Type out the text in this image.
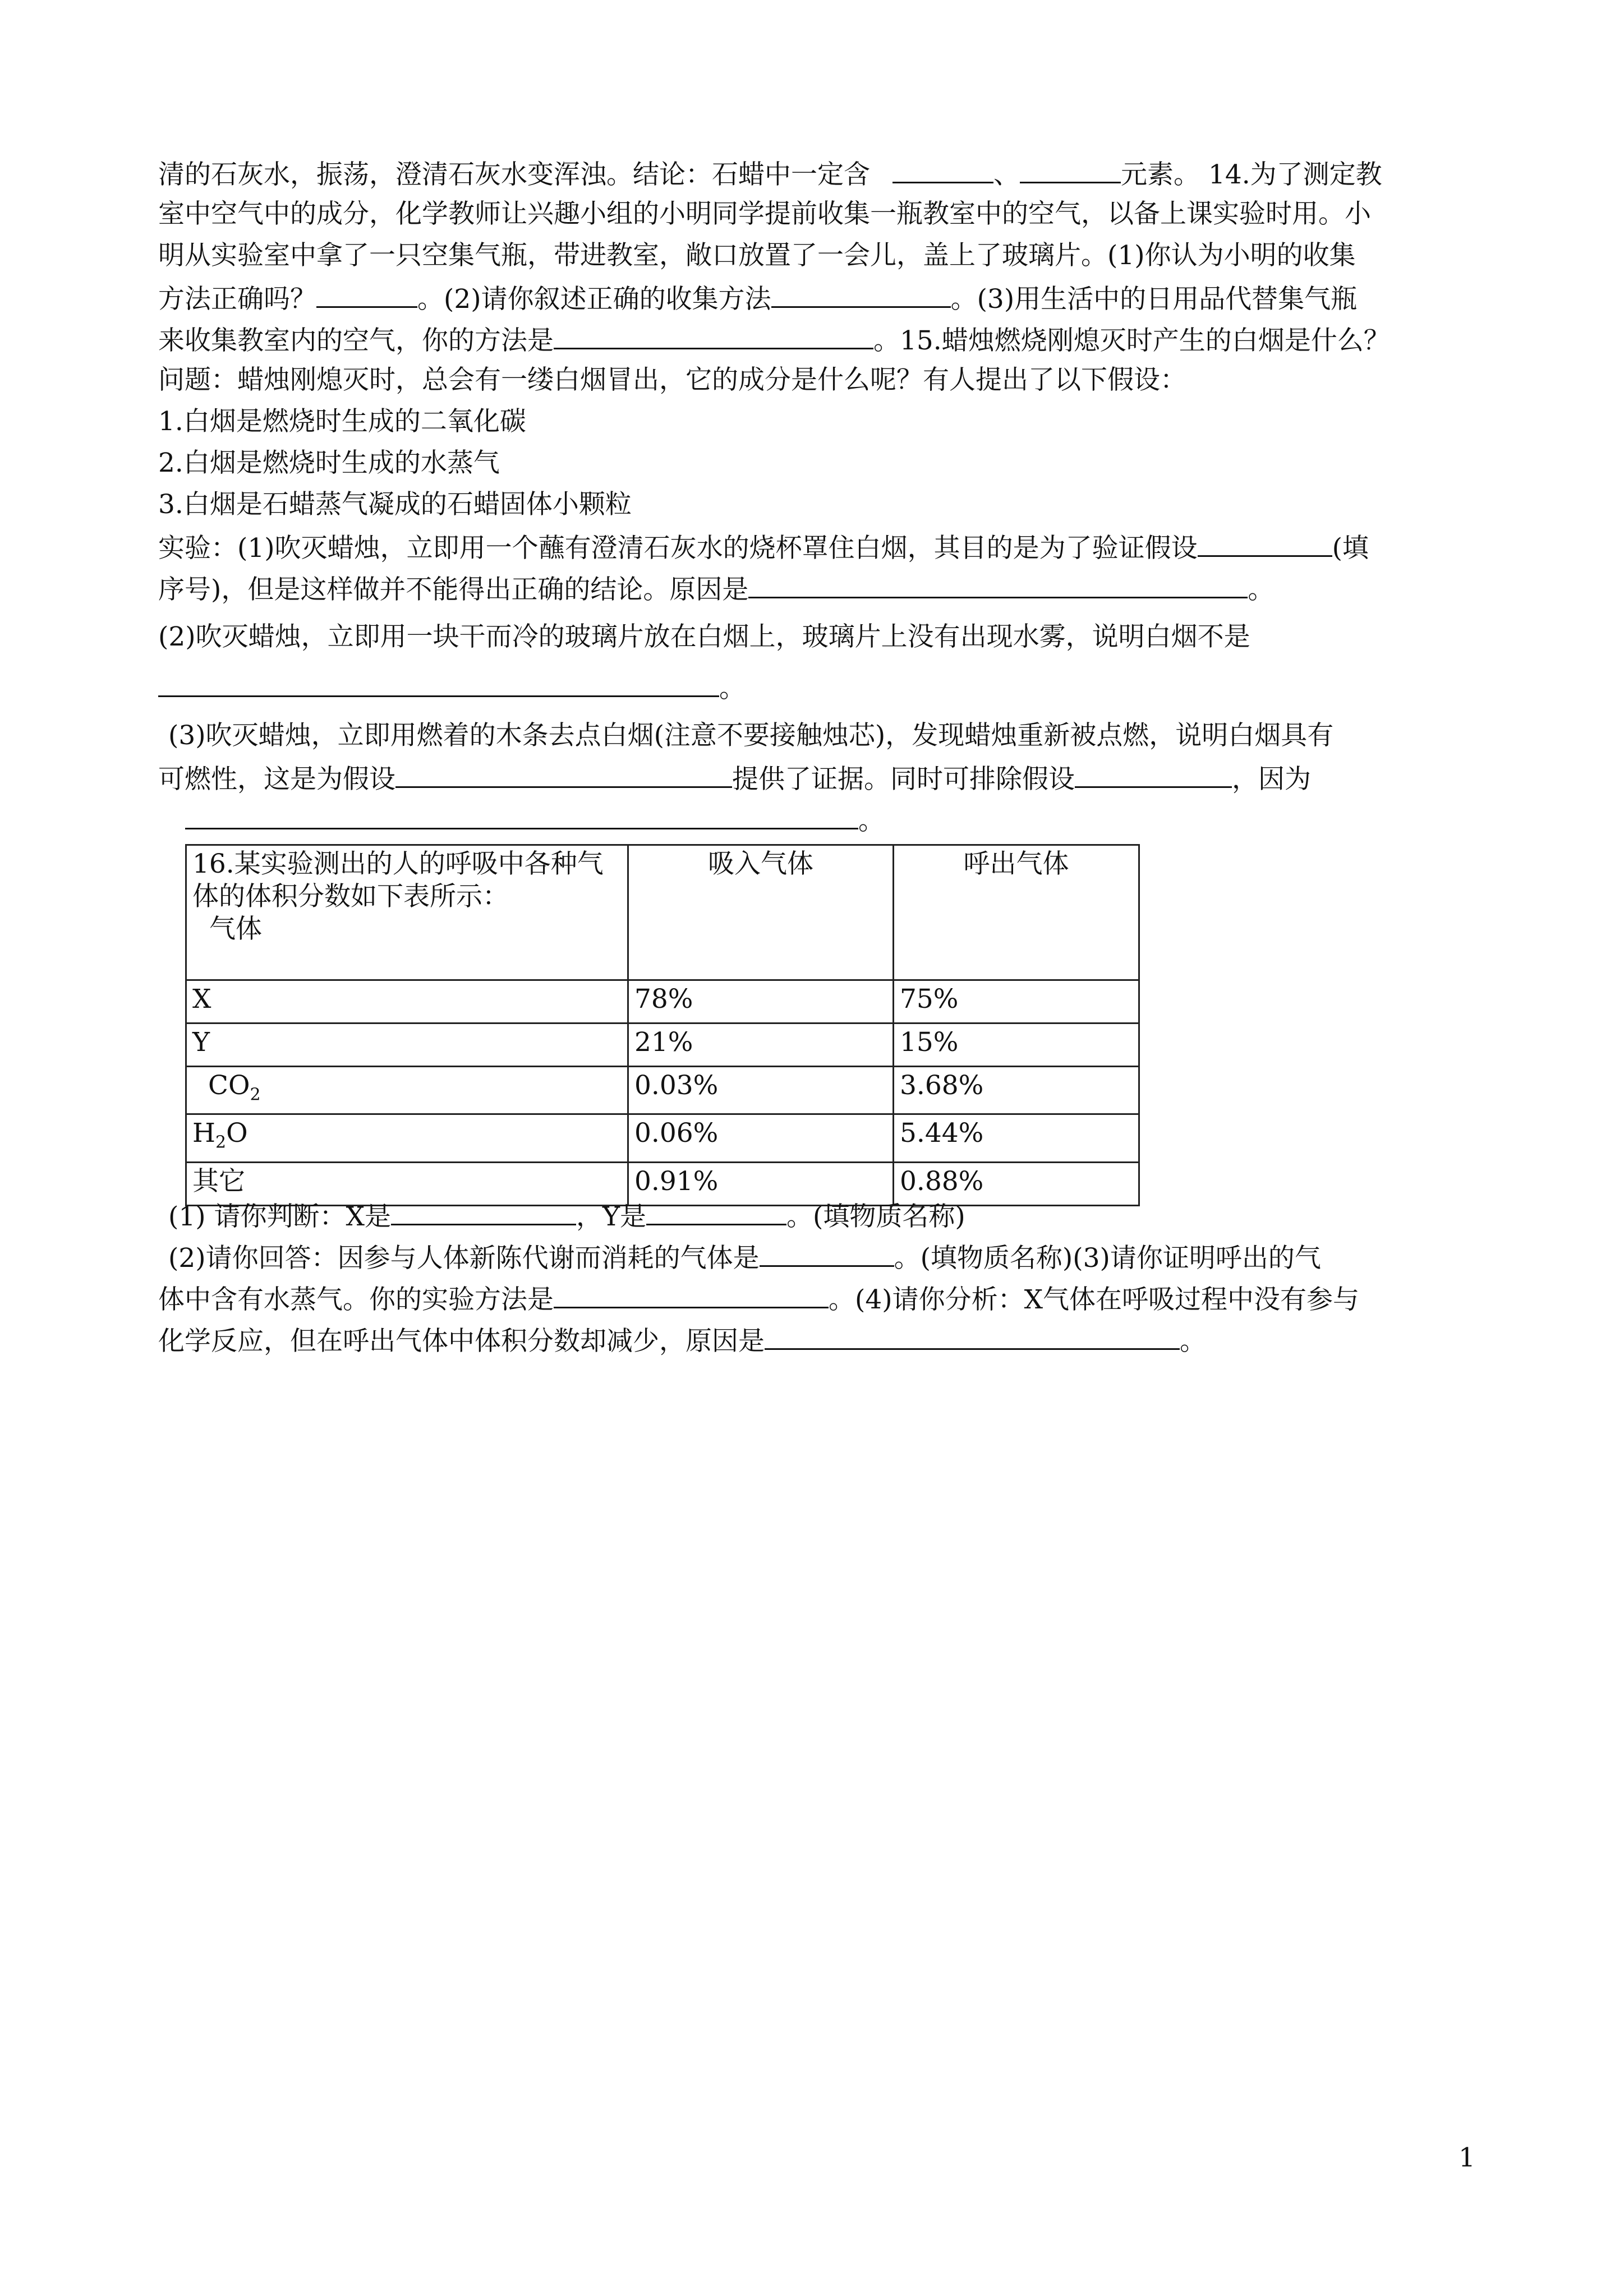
清的石灰水，振荡，澄清石灰水变浑浊。结论：石蜡中一定含	、	元素。 14.为了测定教
室中空气中的成分，化学教师让兴趣小组的小明同学提前收集一瓶教室中的空气，以备上课实验时用。小
明从实验室中拿了一只空集气瓶，带进教室，敞口放置了一会儿，盖上了玻璃片。(1)你认为小明的收集
方法正确吗？	。(2)请你叙述正确的收集方法	。(3)用生活中的日用品代替集气瓶
来收集教室内的空气，你的方法是	。15.蜡烛燃烧刚熄灭时产生的白烟是什么？
问题：蜡烛刚熄灭时，总会有一缕白烟冒出，它的成分是什么呢？有人提出了以下假设：
1.白烟是燃烧时生成的二氧化碳
2.白烟是燃烧时生成的水蒸气
3.白烟是石蜡蒸气凝成的石蜡固体小颗粒
实验：(1)吹灭蜡烛，立即用一个蘸有澄清石灰水的烧杯罩住白烟，其目的是为了验证假设	(填
序号)，但是这样做并不能得出正确的结论。原因是	。
(2)吹灭蜡烛，立即用一块干而冷的玻璃片放在白烟上，玻璃片上没有出现水雾，说明白烟不是
。
(3)吹灭蜡烛，立即用燃着的木条去点白烟(注意不要接触烛芯)，发现蜡烛重新被点燃，说明白烟具有
可燃性，这是为假设	提供了证据。同时可排除假设	，因为
。
16.某实验测出的人的呼吸中各种气体的体积分数如下表所示：
气体	吸入气体	呼出气体
X	78%	75%
Y	21%	15%
$CO_2$	0.03%	3.68%
$H_2O$	0.06%	5.44%
其它	0.91%	0.88%
(1) 请你判断：X是	，Y是	。(填物质名称)
(2)请你回答：因参与人体新陈代谢而消耗的气体是	。(填物质名称)(3)请你证明呼出的气
体中含有水蒸气。你的实验方法是	。(4)请你分析：X气体在呼吸过程中没有参与
化学反应，但在呼出气体中体积分数却减少，原因是	。
1
